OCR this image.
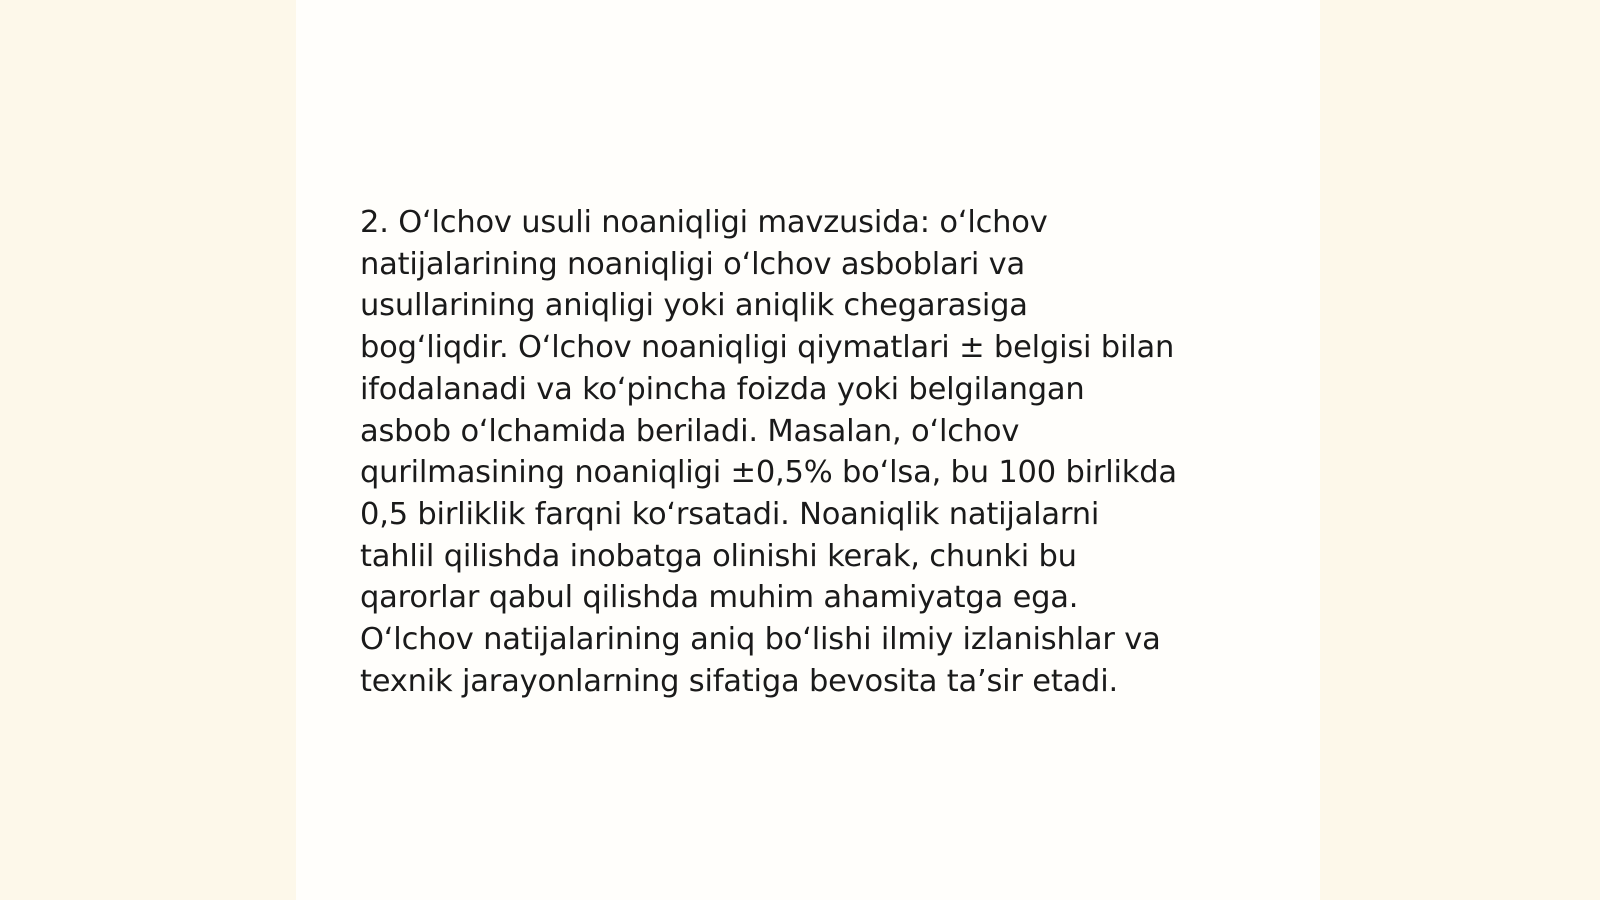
2. O‘lchov usuli noaniqligi mavzusida: o‘lchov
natijalarining noaniqligi o‘lchov asboblari va
usullarining aniqligi yoki aniqlik chegarasiga
bog‘liqdir. O‘lchov noaniqligi qiymatlari ± belgisi bilan
ifodalanadi va ko‘pincha foizda yoki belgilangan
asbob o‘lchamida beriladi. Masalan, o‘lchov
qurilmasining noaniqligi ±0,5% bo‘lsa, bu 100 birlikda
0,5 birliklik farqni ko‘rsatadi. Noaniqlik natijalarni
tahlil qilishda inobatga olinishi kerak, chunki bu
qarorlar qabul qilishda muhim ahamiyatga ega.
O‘lchov natijalarining aniq bo‘lishi ilmiy izlanishlar va
texnik jarayonlarning sifatiga bevosita ta’sir etadi.
